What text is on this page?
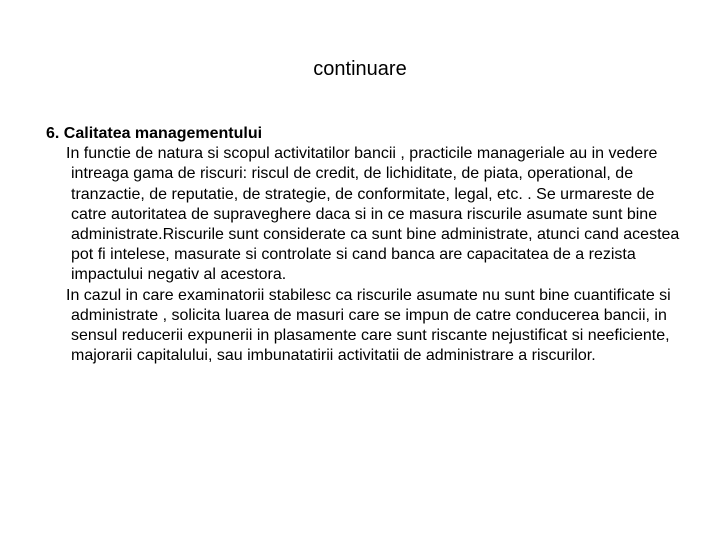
continuare

6. Calitatea managementului

In functie de natura si scopul activitatilor bancii , practicile manageriale au in vedere intreaga gama de riscuri: riscul de credit, de lichiditate, de piata, operational, de tranzactie, de reputatie, de strategie, de conformitate, legal, etc. . Se urmareste de catre autoritatea de supraveghere daca si in ce masura riscurile asumate sunt bine administrate.Riscurile sunt considerate ca sunt bine administrate, atunci cand acestea pot fi intelese, masurate si controlate si cand banca are capacitatea de a rezista impactului negativ al acestora.

In cazul in care examinatorii stabilesc ca riscurile asumate nu sunt bine cuantificate si administrate , solicita luarea de masuri care se impun de catre conducerea bancii, in sensul reducerii expunerii in plasamente care sunt riscante nejustificat si neeficiente, majorarii capitalului, sau imbunatatirii activitatii de administrare a riscurilor.
